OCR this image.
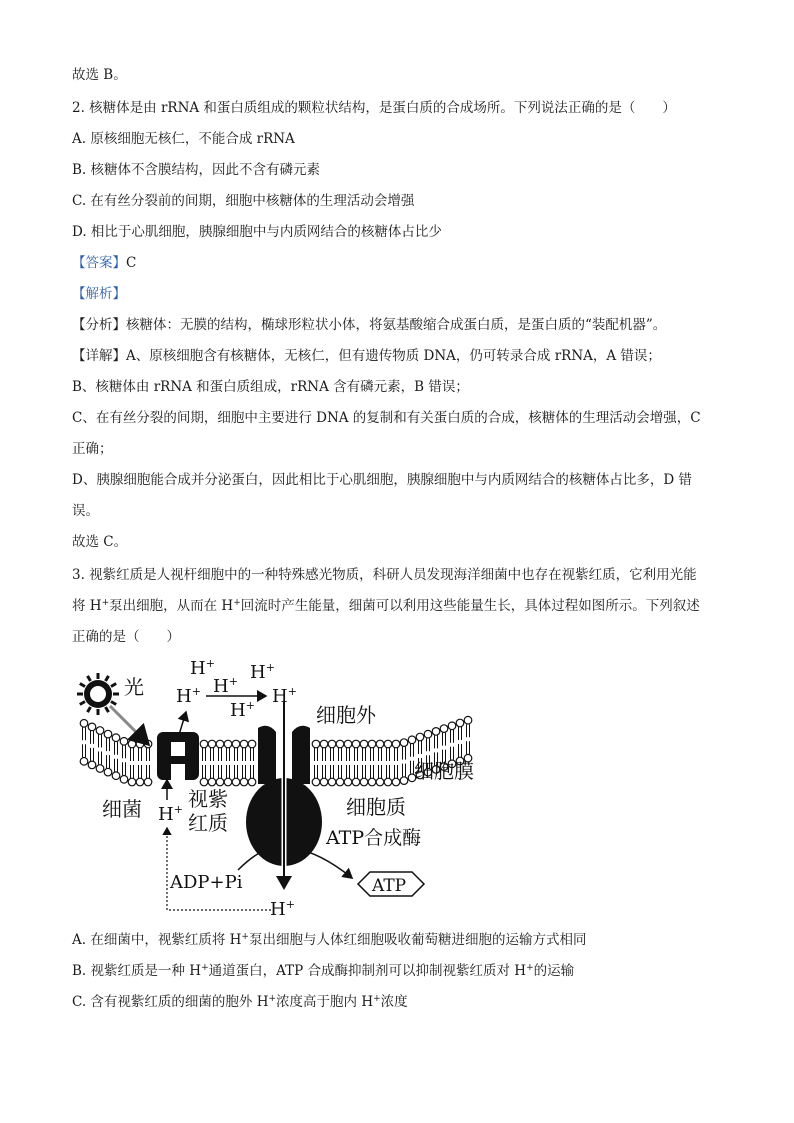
故选 B。
2. 核糖体是由 rRNA 和蛋白质组成的颗粒状结构，是蛋白质的合成场所。下列说法正确的是（　　）
A. 原核细胞无核仁，不能合成 rRNA
B. 核糖体不含膜结构，因此不含有磷元素
C. 在有丝分裂前的间期，细胞中核糖体的生理活动会增强
D. 相比于心肌细胞，胰腺细胞中与内质网结合的核糖体占比少
【答案】C
【解析】
【分析】核糖体：无膜的结构，椭球形粒状小体，将氨基酸缩合成蛋白质，是蛋白质的“装配机器”。
【详解】A、原核细胞含有核糖体，无核仁，但有遗传物质 DNA，仍可转录合成 rRNA，A 错误；
B、核糖体由 rRNA 和蛋白质组成，rRNA 含有磷元素，B 错误；
C、在有丝分裂的间期，细胞中主要进行 DNA 的复制和有关蛋白质的合成，核糖体的生理活动会增强，C
正确；
D、胰腺细胞能合成并分泌蛋白，因此相比于心肌细胞，胰腺细胞中与内质网结合的核糖体占比多，D 错
误。
故选 C。
3. 视紫红质是人视杆细胞中的一种特殊感光物质，科研人员发现海洋细菌中也存在视紫红质，它利用光能
将 H+泵出细胞，从而在 H+回流时产生能量，细菌可以利用这些能量生长，具体过程如图所示。下列叙述
正确的是（　　）
光
H+ H+
H+ H+
H+ H+
细胞外
细胞膜
细胞质
细菌 视紫
红质
ATP合成酶
H+
H+
ADP+Pi	ATP
A. 在细菌中，视紫红质将 H+泵出细胞与人体红细胞吸收葡萄糖进细胞的运输方式相同
B. 视紫红质是一种 H+通道蛋白，ATP 合成酶抑制剂可以抑制视紫红质对 H+的运输
C. 含有视紫红质的细菌的胞外 H+浓度高于胞内 H+浓度
